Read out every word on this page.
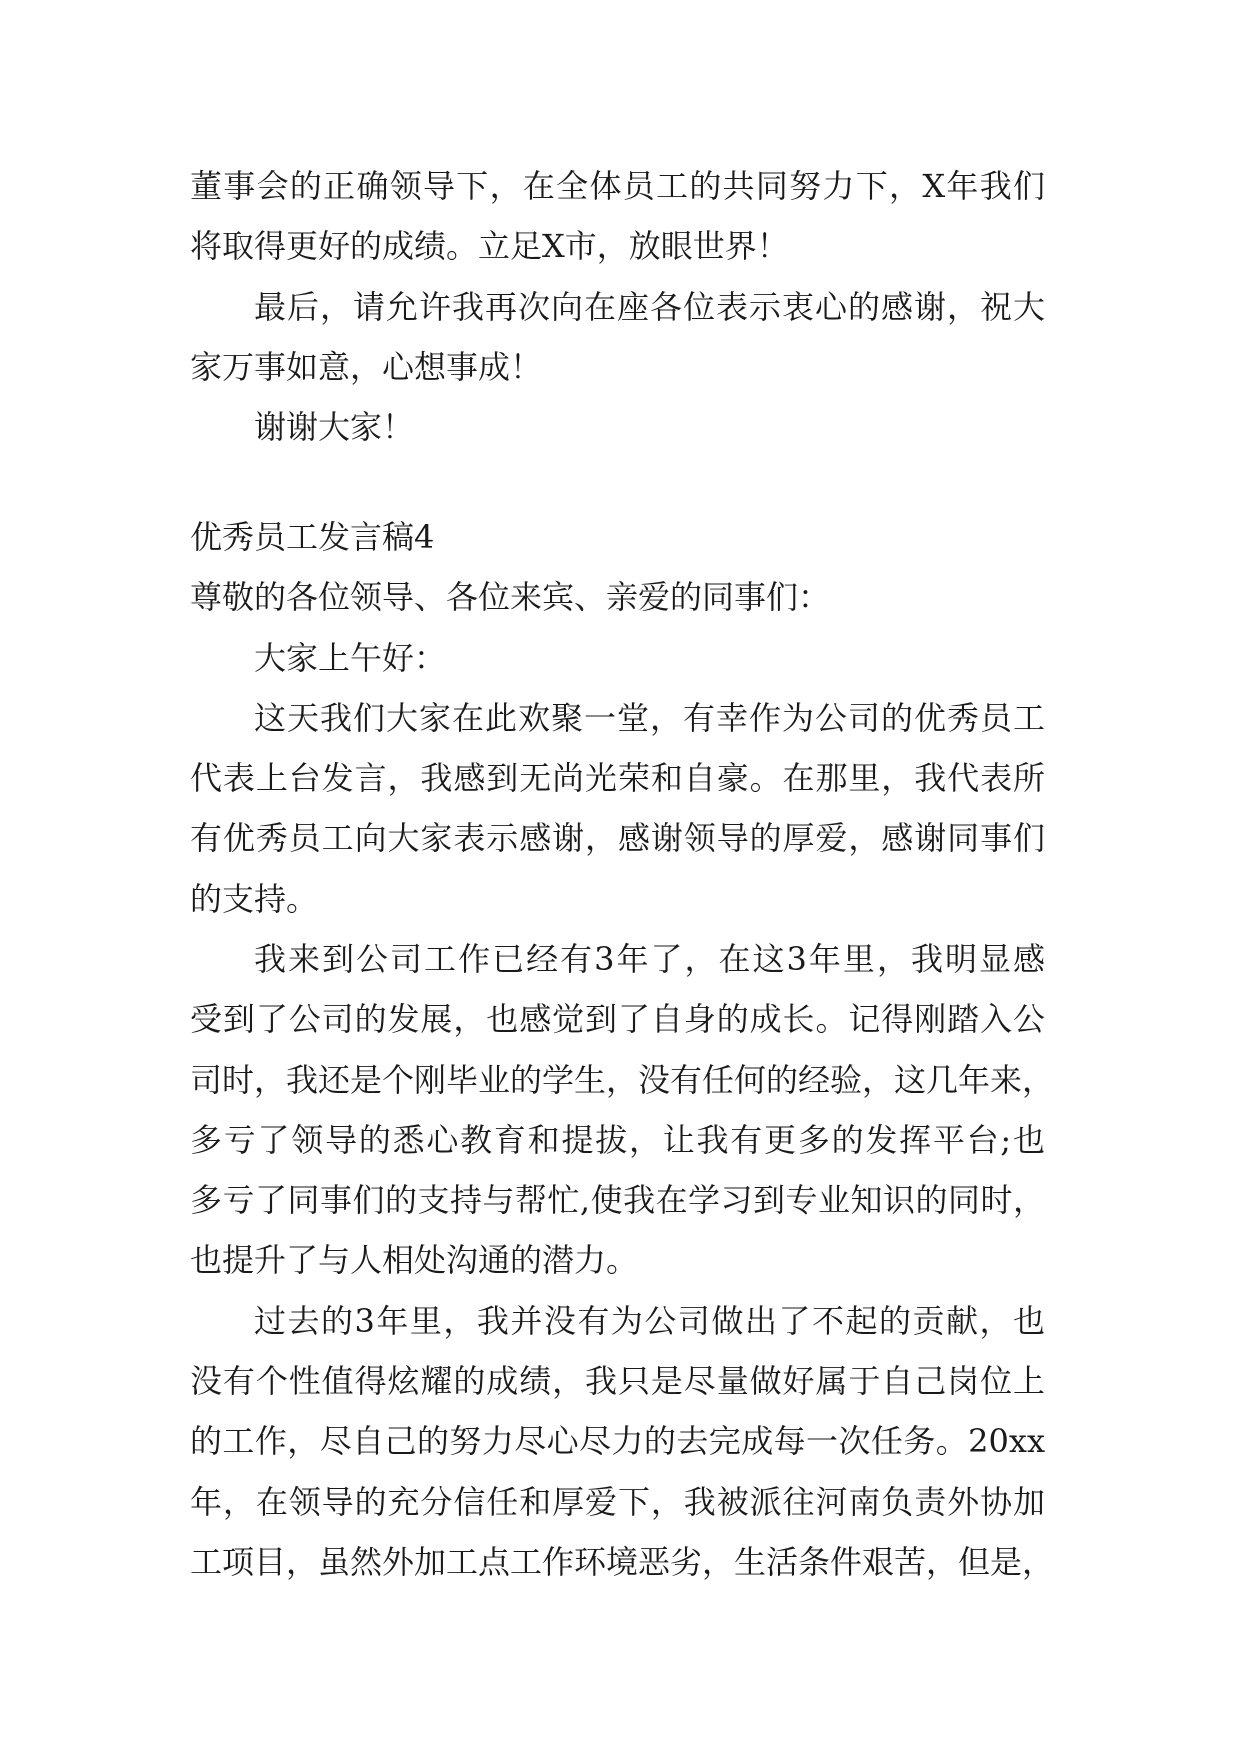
董事会的正确领导下，在全体员工的共同努力下，X年我们
将取得更好的成绩。立足X市，放眼世界！
最后，请允许我再次向在座各位表示衷心的感谢，祝大
家万事如意，心想事成！
谢谢大家！
优秀员工发言稿4
尊敬的各位领导、各位来宾、亲爱的同事们：
大家上午好：
这天我们大家在此欢聚一堂，有幸作为公司的优秀员工
代表上台发言，我感到无尚光荣和自豪。在那里，我代表所
有优秀员工向大家表示感谢，感谢领导的厚爱，感谢同事们
的支持。
我来到公司工作已经有3年了，在这3年里，我明显感
受到了公司的发展，也感觉到了自身的成长。记得刚踏入公
司时，我还是个刚毕业的学生，没有任何的经验，这几年来，
多亏了领导的悉心教育和提拔，让我有更多的发挥平台;也
多亏了同事们的支持与帮忙,使我在学习到专业知识的同时，
也提升了与人相处沟通的潜力。
过去的3年里，我并没有为公司做出了不起的贡献，也
没有个性值得炫耀的成绩，我只是尽量做好属于自己岗位上
的工作，尽自己的努力尽心尽力的去完成每一次任务。20xx
年，在领导的充分信任和厚爱下，我被派往河南负责外协加
工项目，虽然外加工点工作环境恶劣，生活条件艰苦，但是，
